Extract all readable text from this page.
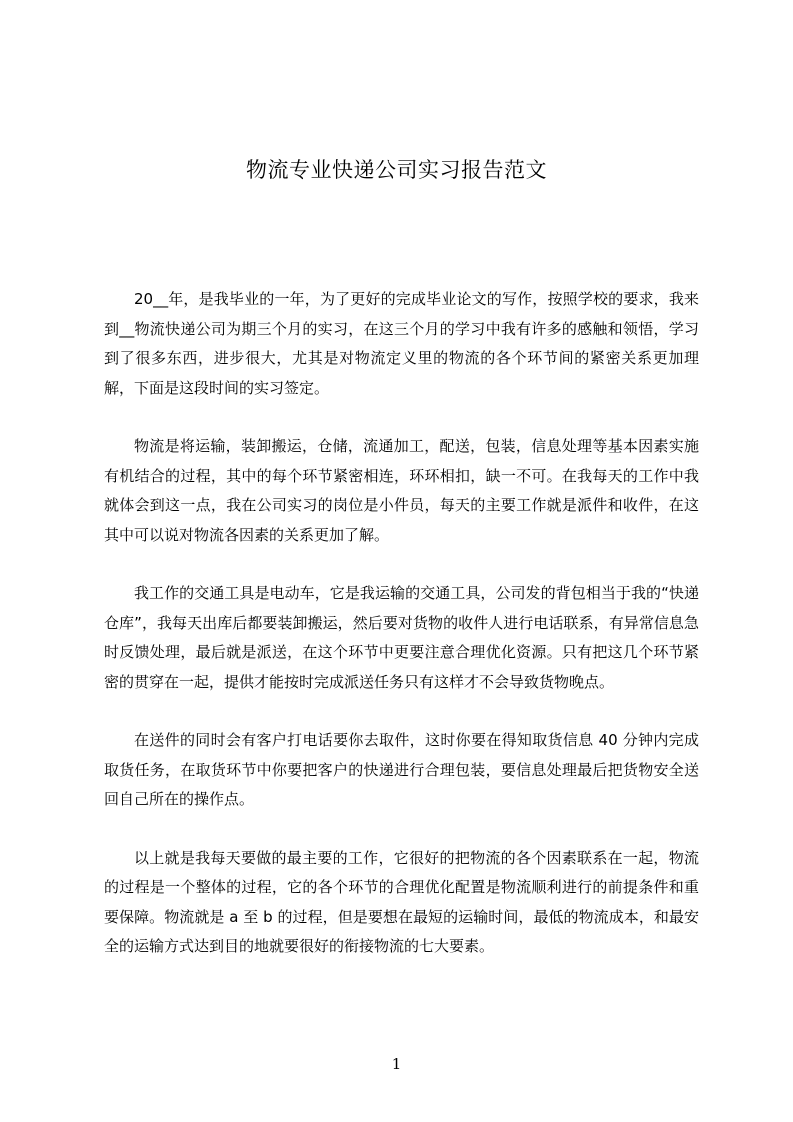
物流专业快递公司实习报告范文

20__年，是我毕业的一年，为了更好的完成毕业论文的写作，按照学校的要求，我来到__物流快递公司为期三个月的实习，在这三个月的学习中我有许多的感触和领悟，学习到了很多东西，进步很大，尤其是对物流定义里的物流的各个环节间的紧密关系更加理解，下面是这段时间的实习签定。

物流是将运输，装卸搬运，仓储，流通加工，配送，包装，信息处理等基本因素实施有机结合的过程，其中的每个环节紧密相连，环环相扣，缺一不可。在我每天的工作中我就体会到这一点，我在公司实习的岗位是小件员，每天的主要工作就是派件和收件，在这其中可以说对物流各因素的关系更加了解。

我工作的交通工具是电动车，它是我运输的交通工具，公司发的背包相当于我的“快递仓库”，我每天出库后都要装卸搬运，然后要对货物的收件人进行电话联系，有异常信息急时反馈处理，最后就是派送，在这个环节中更要注意合理优化资源。只有把这几个环节紧密的贯穿在一起，提供才能按时完成派送任务只有这样才不会导致货物晚点。

在送件的同时会有客户打电话要你去取件，这时你要在得知取货信息 40 分钟内完成取货任务，在取货环节中你要把客户的快递进行合理包装，要信息处理最后把货物安全送回自己所在的操作点。

以上就是我每天要做的最主要的工作，它很好的把物流的各个因素联系在一起，物流的过程是一个整体的过程，它的各个环节的合理优化配置是物流顺利进行的前提条件和重要保障。物流就是 a 至 b 的过程，但是要想在最短的运输时间，最低的物流成本，和最安全的运输方式达到目的地就要很好的衔接物流的七大要素。

1
